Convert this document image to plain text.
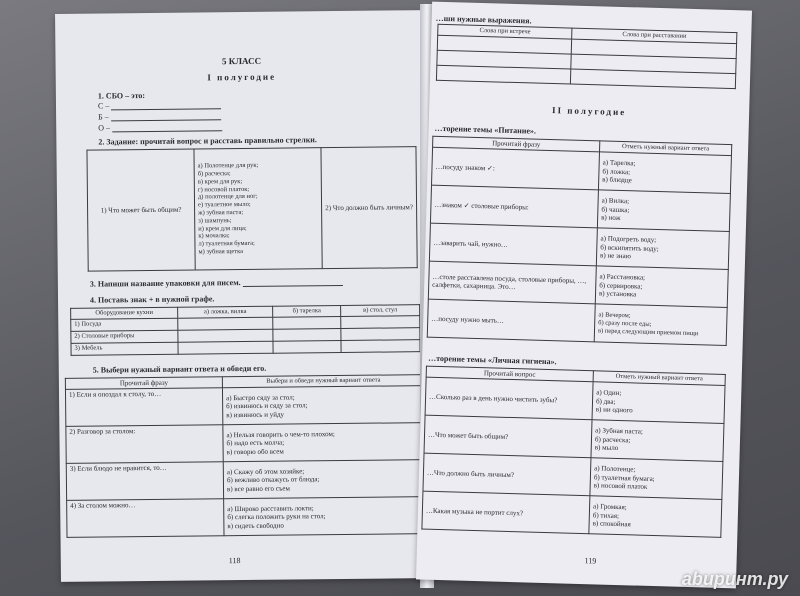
5 КЛАСС
I полугодие
1. СБО – это:
С –
Б –
О –
2. Задание: прочитай вопрос и расставь правильно стрелки.
1) Что может быть общим?	
а) Полотенце для рук;
б) расческа;
в) крем для рук;
г) носовой платок;
д) полотенце для ног;
е) туалетное мыло;
ж) зубная паста;
з) шампунь;
и) крем для лица;
к) мочалка;
л) туалетная бумага;
м) зубная щетка
	2) Что должно быть личным?
3. Напиши название упаковки для писем.
4. Поставь знак + в нужной графе.
Оборудование кухни	а) ложка, вилка	б) тарелка	в) стол, стул
1) Посуда			
2) Столовые приборы			
3) Мебель			
5. Выбери нужный вариант ответа и обведи его.
Прочитай фразу	Выбери и обведи нужный вариант ответа
1) Если я опоздал к столу, то…	а) Быстро сяду за стол;
б) извинюсь и сяду за стол;
в) извинюсь и уйду

2) Разговор за столом:	а) Нельзя говорить о чем-то плохом;
б) надо есть молча;
в) говорю обо всем

3) Если блюдо не нравится, то…	а) Скажу об этом хозяйке;
б) вежливо откажусь от блюда;
в) все равно его съем

4) За столом можно…	а) Широко расставить локти;
б) слегка положить руки на стол;
в) сидеть свободно
118
…ши нужные выражения.
Слова при встрече	Слова при расставании

II полугодие
…торение темы «Питание».
Прочитай фразу	Отметь нужный вариант ответа
…посуду знаком ✓:	а) Тарелка;
б) ложка;
в) блюдце

…знаком ✓ столовые приборы:	а) Вилка;
б) чашка;
в) нож

…заварить чай, нужно…	а) Подогреть воду;
б) вскипятить воду;
в) не знаю

…столе расставлена посуда, столовые приборы, …, салфетки, сахарница. Это…	а) Расстановка;
б) сервировка;
в) установка

…посуду нужно мыть…	а) Вечером;
б) сразу после еды;
в) перед следующим приемом пищи
…торение темы «Личная гигиена».
Прочитай вопрос	Отметь нужный вариант ответа
…Сколько раз в день нужно чистить зубы?	а) Один;
б) два;
в) ни одного

…Что может быть общим?	а) Зубная паста;
б) расческа;
в) мыло

…Что должно быть личным?	а) Полотенце;
б) туалетная бумага;
в) носовой платок

…Какая музыка не портит слух?	а) Громкая;
б) тихая;
в) спокойная
119
abuринт.ру
